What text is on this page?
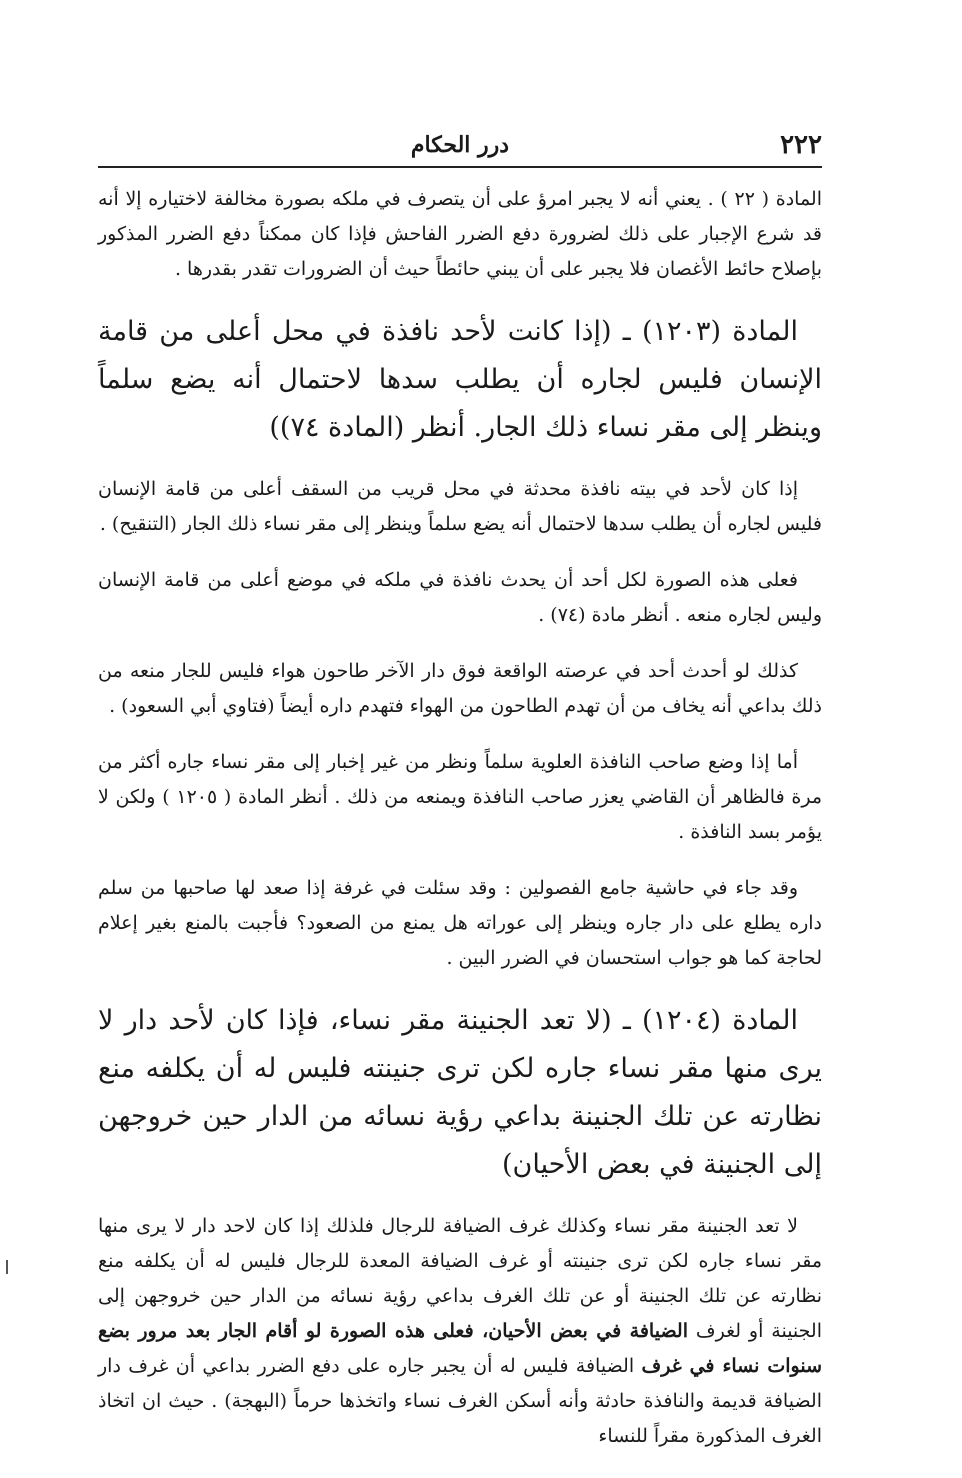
٢٢٢
درر الحكام

المادة ( ٢٢ ) . يعني أنه لا يجبر امرؤ على أن يتصرف في ملكه بصورة مخالفة لاختياره إلا أنه قد شرع الإجبار على ذلك لضرورة دفع الضرر الفاحش فإذا كان ممكناً دفع الضرر المذكور بإصلاح حائط الأغصان فلا يجبر على أن يبني حائطاً حيث أن الضرورات تقدر بقدرها .

المادة (١٢٠٣) ـ (إذا كانت لأحد نافذة في محل أعلى من قامة الإنسان فليس لجاره أن يطلب سدها لاحتمال أنه يضع سلماً وينظر إلى مقر نساء ذلك الجار. أنظر (المادة ٧٤))

إذا كان لأحد في بيته نافذة محدثة في محل قريب من السقف أعلى من قامة الإنسان فليس لجاره أن يطلب سدها لاحتمال أنه يضع سلماً وينظر إلى مقر نساء ذلك الجار (التنقيح) .

فعلى هذه الصورة لكل أحد أن يحدث نافذة في ملكه في موضع أعلى من قامة الإنسان وليس لجاره منعه . أنظر مادة (٧٤) .

كذلك لو أحدث أحد في عرصته الواقعة فوق دار الآخر طاحون هواء فليس للجار منعه من ذلك بداعي أنه يخاف من أن تهدم الطاحون من الهواء فتهدم داره أيضاً (فتاوي أبي السعود) .

أما إذا وضع صاحب النافذة العلوية سلماً ونظر من غير إخبار إلى مقر نساء جاره أكثر من مرة فالظاهر أن القاضي يعزر صاحب النافذة ويمنعه من ذلك . أنظر المادة ( ١٢٠٥ ) ولكن لا يؤمر بسد النافذة .

وقد جاء في حاشية جامع الفصولين : وقد سئلت في غرفة إذا صعد لها صاحبها من سلم داره يطلع على دار جاره وينظر إلى عوراته هل يمنع من الصعود؟ فأجبت بالمنع بغير إعلام لحاجة كما هو جواب استحسان في الضرر البين .

المادة (١٢٠٤) ـ (لا تعد الجنينة مقر نساء، فإذا كان لأحد دار لا يرى منها مقر نساء جاره لكن ترى جنينته فليس له أن يكلفه منع نظارته عن تلك الجنينة بداعي رؤية نسائه من الدار حين خروجهن إلى الجنينة في بعض الأحيان)

لا تعد الجنينة مقر نساء وكذلك غرف الضيافة للرجال فلذلك إذا كان لاحد دار لا يرى منها مقر نساء جاره لكن ترى جنينته أو غرف الضيافة المعدة للرجال فليس له أن يكلفه منع نظارته عن تلك الجنينة أو عن تلك الغرف بداعي رؤية نسائه من الدار حين خروجهن إلى الجنينة أو لغرف الضيافة في بعض الأحيان، فعلى هذه الصورة لو أقام الجار بعد مرور بضع سنوات نساء في غرف الضيافة فليس له أن يجبر جاره على دفع الضرر بداعي أن غرف دار الضيافة قديمة والنافذة حادثة وأنه أسكن الغرف نساء واتخذها حرماً (البهجة) . حيث ان اتخاذ الغرف المذكورة مقراً للنساء
